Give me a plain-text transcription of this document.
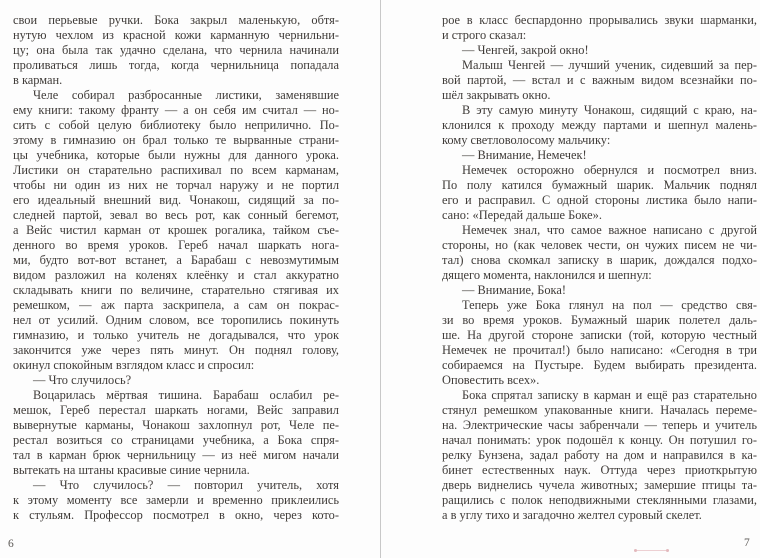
свои перьевые ручки. Бока закрыл маленькую, обтя-
нутую чехлом из красной кожи карманную чернильни-
цу; она была так удачно сделана, что чернила начинали
проливаться лишь тогда, когда чернильница попадала
в карман.
Челе собирал разбросанные листики, заменявшие
ему книги: такому франту — а он себя им считал — но-
сить с собой целую библиотеку было неприлично. По-
этому в гимназию он брал только те вырванные страни-
цы учебника, которые были нужны для данного урока.
Листики он старательно распихивал по всем карманам,
чтобы ни один из них не торчал наружу и не портил
его идеальный внешний вид. Чонакош, сидящий за по-
следней партой, зевал во весь рот, как сонный бегемот,
а Вейс чистил карман от крошек рогалика, тайком съе-
денного во время уроков. Гереб начал шаркать нога-
ми, будто вот-вот встанет, а Барабаш с невозмутимым
видом разложил на коленях клеёнку и стал аккуратно
складывать книги по величине, старательно стягивая их
ремешком, — аж парта заскрипела, а сам он покрас-
нел от усилий. Одним словом, все торопились покинуть
гимназию, и только учитель не догадывался, что урок
закончится уже через пять минут. Он поднял голову,
окинул спокойным взглядом класс и спросил:
— Что случилось?
Воцарилась мёртвая тишина. Барабаш ослабил ре-
мешок, Гереб перестал шаркать ногами, Вейс заправил
вывернутые карманы, Чонакош захлопнул рот, Челе пе-
рестал возиться со страницами учебника, а Бока спря-
тал в карман брюк чернильницу — из неё мигом начали
вытекать на штаны красивые синие чернила.
— Что случилось? — повторил учитель, хотя
к этому моменту все замерли и временно приклеились
к стульям. Профессор посмотрел в окно, через кото-
рое в класс беспардонно прорывались звуки шарманки,
и строго сказал:
— Ченгей, закрой окно!
Малыш Ченгей — лучший ученик, сидевший за пер-
вой партой, — встал и с важным видом всезнайки по-
шёл закрывать окно.
В эту самую минуту Чонакош, сидящий с краю, на-
клонился к проходу между партами и шепнул малень-
кому светловолосому мальчику:
— Внимание, Немечек!
Немечек осторожно обернулся и посмотрел вниз.
По полу катился бумажный шарик. Мальчик поднял
его и расправил. С одной стороны листика было напи-
сано: «Передай дальше Боке».
Немечек знал, что самое важное написано с другой
стороны, но (как человек чести, он чужих писем не чи-
тал) снова скомкал записку в шарик, дождался подхо-
дящего момента, наклонился и шепнул:
— Внимание, Бока!
Теперь уже Бока глянул на пол — средство свя-
зи во время уроков. Бумажный шарик полетел даль-
ше. На другой стороне записки (той, которую честный
Немечек не прочитал!) было написано: «Сегодня в три
собираемся на Пустыре. Будем выбирать президента.
Оповестить всех».
Бока спрятал записку в карман и ещё раз старательно
стянул ремешком упакованные книги. Началась переме-
на. Электрические часы забренчали — теперь и учитель
начал понимать: урок подошёл к концу. Он потушил го-
релку Бунзена, задал работу на дом и направился в ка-
бинет естественных наук. Оттуда через приоткрытую
дверь виднелись чучела животных; замершие птицы та-
ращились с полок неподвижными стеклянными глазами,
а в углу тихо и загадочно желтел суровый скелет.
6	7
